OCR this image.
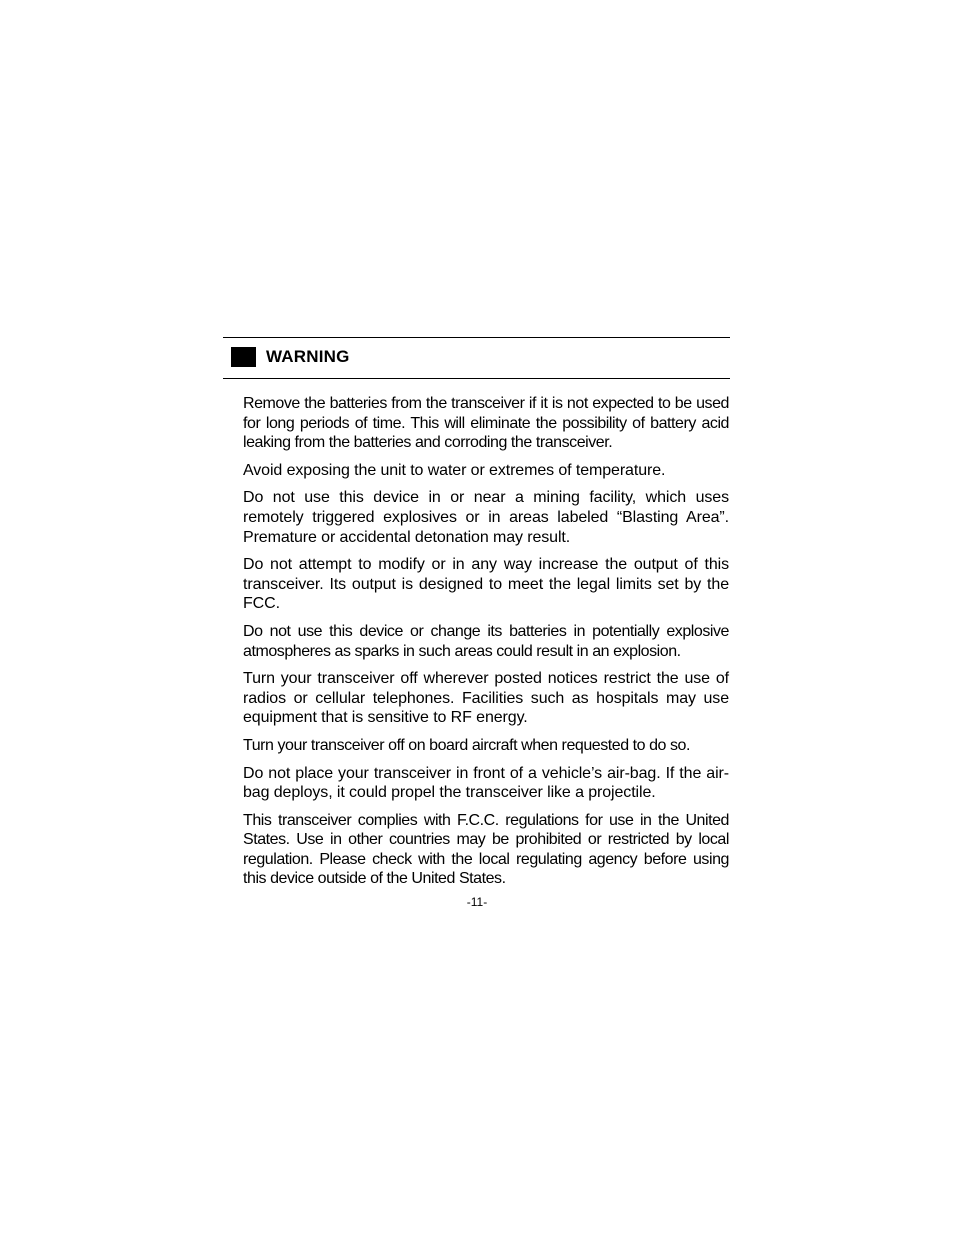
WARNING

Remove the batteries from the transceiver if it is not expected to be used for long periods of time. This will eliminate the possibility of battery acid leaking from the batteries and corroding the transceiver.

Avoid exposing the unit to water or extremes of temperature.

Do not use this device in or near a mining facility, which uses remotely triggered explosives or in areas labeled “Blasting Area”. Premature or accidental detonation may result.

Do not attempt to modify or in any way increase the output of this transceiver. Its output is designed to meet the legal limits set by the FCC.

Do not use this device or change its batteries in potentially explosive atmospheres as sparks in such areas could result in an explosion.

Turn your transceiver off wherever posted notices restrict the use of radios or cellular telephones. Facilities such as hospitals may use equipment that is sensitive to RF energy.

Turn your transceiver off on board aircraft when requested to do so.

Do not place your transceiver in front of a vehicle’s air-bag. If the air-bag deploys, it could propel the transceiver like a projectile.

This transceiver complies with F.C.C. regulations for use in the United States. Use in other countries may be prohibited or restricted by local regulation. Please check with the local regulating agency before using this device outside of the United States.

-11-
